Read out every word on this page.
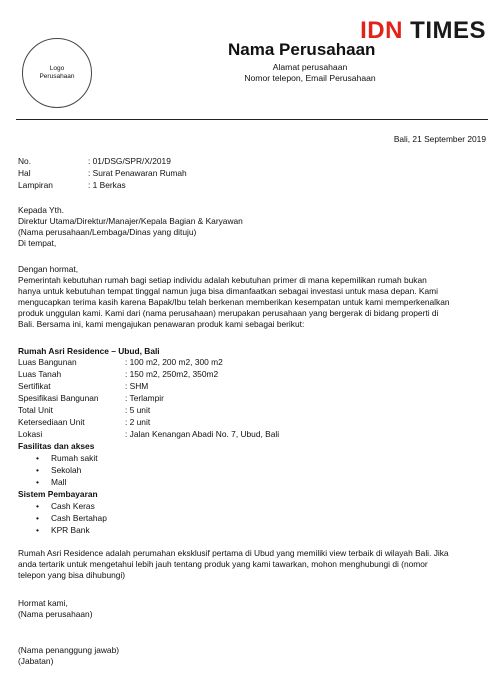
Logo
Perusahaan
IDN TIMES
Nama Perusahaan
Alamat perusahaan
Nomor telepon, Email Perusahaan
Bali, 21 September 2019
No.	: 01/DSG/SPR/X/2019
Hal	: Surat Penawaran Rumah
Lampiran	: 1 Berkas

Kepada Yth.

Direktur Utama/Direktur/Manajer/Kepala Bagian & Karyawan

(Nama perusahaan/Lembaga/Dinas yang dituju)

Di tempat,

Dengan hormat,

Pemerintah kebutuhan rumah bagi setiap individu adalah kebutuhan primer di mana kepemilikan rumah bukan

hanya untuk kebutuhan tempat tinggal namun juga bisa dimanfaatkan sebagai investasi untuk masa depan. Kami

mengucapkan terima kasih karena Bapak/Ibu telah berkenan memberikan kesempatan untuk kami memperkenalkan

produk unggulan kami. Kami dari (nama perusahaan) merupakan perusahaan yang bergerak di bidang properti di

Bali. Bersama ini, kami mengajukan penawaran produk kami sebagai berikut:

Rumah Asri Residence – Ubud, Bali
Luas Bangunan	: 100 m2, 200 m2, 300 m2
Luas Tanah	: 150 m2, 250m2, 350m2
Sertifikat	: SHM
Spesifikasi Bangunan	: Terlampir
Total Unit	: 5 unit
Ketersediaan Unit	: 2 unit
Lokasi	: Jalan Kenangan Abadi No. 7, Ubud, Bali
Fasilitas dan akses
• Rumah sakit
• Sekolah
• Mall
Sistem Pembayaran
• Cash Keras
• Cash Bertahap
• KPR Bank

Rumah Asri Residence adalah perumahan eksklusif pertama di Ubud yang memiliki view terbaik di wilayah Bali. Jika

anda tertarik untuk mengetahui lebih jauh tentang produk yang kami tawarkan, mohon menghubungi di (nomor

telepon yang bisa dihubungi)

Hormat kami,

(Nama perusahaan)

(Nama penanggung jawab)

(Jabatan)
